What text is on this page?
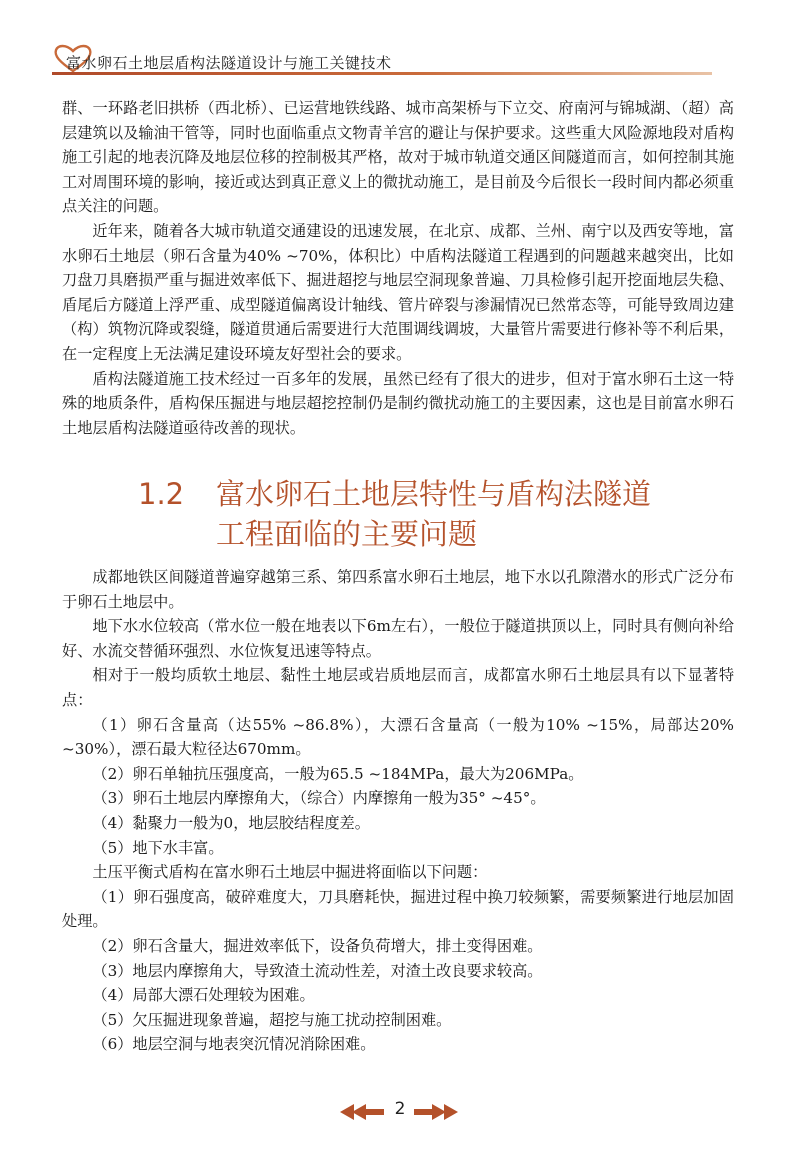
富水卵石土地层盾构法隧道设计与施工关键技术

群、一环路老旧拱桥（西北桥）、已运营地铁线路、城市高架桥与下立交、府南河与锦城湖、（超）高层建筑以及输油干管等，同时也面临重点文物青羊宫的避让与保护要求。这些重大风险源地段对盾构施工引起的地表沉降及地层位移的控制极其严格，故对于城市轨道交通区间隧道而言，如何控制其施工对周围环境的影响，接近或达到真正意义上的微扰动施工，是目前及今后很长一段时间内都必须重点关注的问题。

近年来，随着各大城市轨道交通建设的迅速发展，在北京、成都、兰州、南宁以及西安等地，富水卵石土地层（卵石含量为40% ~70%，体积比）中盾构法隧道工程遇到的问题越来越突出，比如刀盘刀具磨损严重与掘进效率低下、掘进超挖与地层空洞现象普遍、刀具检修引起开挖面地层失稳、盾尾后方隧道上浮严重、成型隧道偏离设计轴线、管片碎裂与渗漏情况已然常态等，可能导致周边建（构）筑物沉降或裂缝，隧道贯通后需要进行大范围调线调坡，大量管片需要进行修补等不利后果，在一定程度上无法满足建设环境友好型社会的要求。

盾构法隧道施工技术经过一百多年的发展，虽然已经有了很大的进步，但对于富水卵石土这一特殊的地质条件，盾构保压掘进与地层超挖控制仍是制约微扰动施工的主要因素，这也是目前富水卵石土地层盾构法隧道亟待改善的现状。

1.2 富水卵石土地层特性与盾构法隧道
工程面临的主要问题

成都地铁区间隧道普遍穿越第三系、第四系富水卵石土地层，地下水以孔隙潜水的形式广泛分布于卵石土地层中。

地下水水位较高（常水位一般在地表以下6m左右），一般位于隧道拱顶以上，同时具有侧向补给好、水流交替循环强烈、水位恢复迅速等特点。

相对于一般均质软土地层、黏性土地层或岩质地层而言，成都富水卵石土地层具有以下显著特点：

（1）卵石含量高（达55% ~86.8%），大漂石含量高（一般为10% ~15%，局部达20% ~30%），漂石最大粒径达670mm。

（2）卵石单轴抗压强度高，一般为65.5 ~184MPa，最大为206MPa。

（3）卵石土地层内摩擦角大，（综合）内摩擦角一般为35° ~45°。

（4）黏聚力一般为0，地层胶结程度差。

（5）地下水丰富。

土压平衡式盾构在富水卵石土地层中掘进将面临以下问题：

（1）卵石强度高，破碎难度大，刀具磨耗快，掘进过程中换刀较频繁，需要频繁进行地层加固处理。

（2）卵石含量大，掘进效率低下，设备负荷增大，排土变得困难。

（3）地层内摩擦角大，导致渣土流动性差，对渣土改良要求较高。

（4）局部大漂石处理较为困难。

（5）欠压掘进现象普遍，超挖与施工扰动控制困难。

（6）地层空洞与地表突沉情况消除困难。

2
